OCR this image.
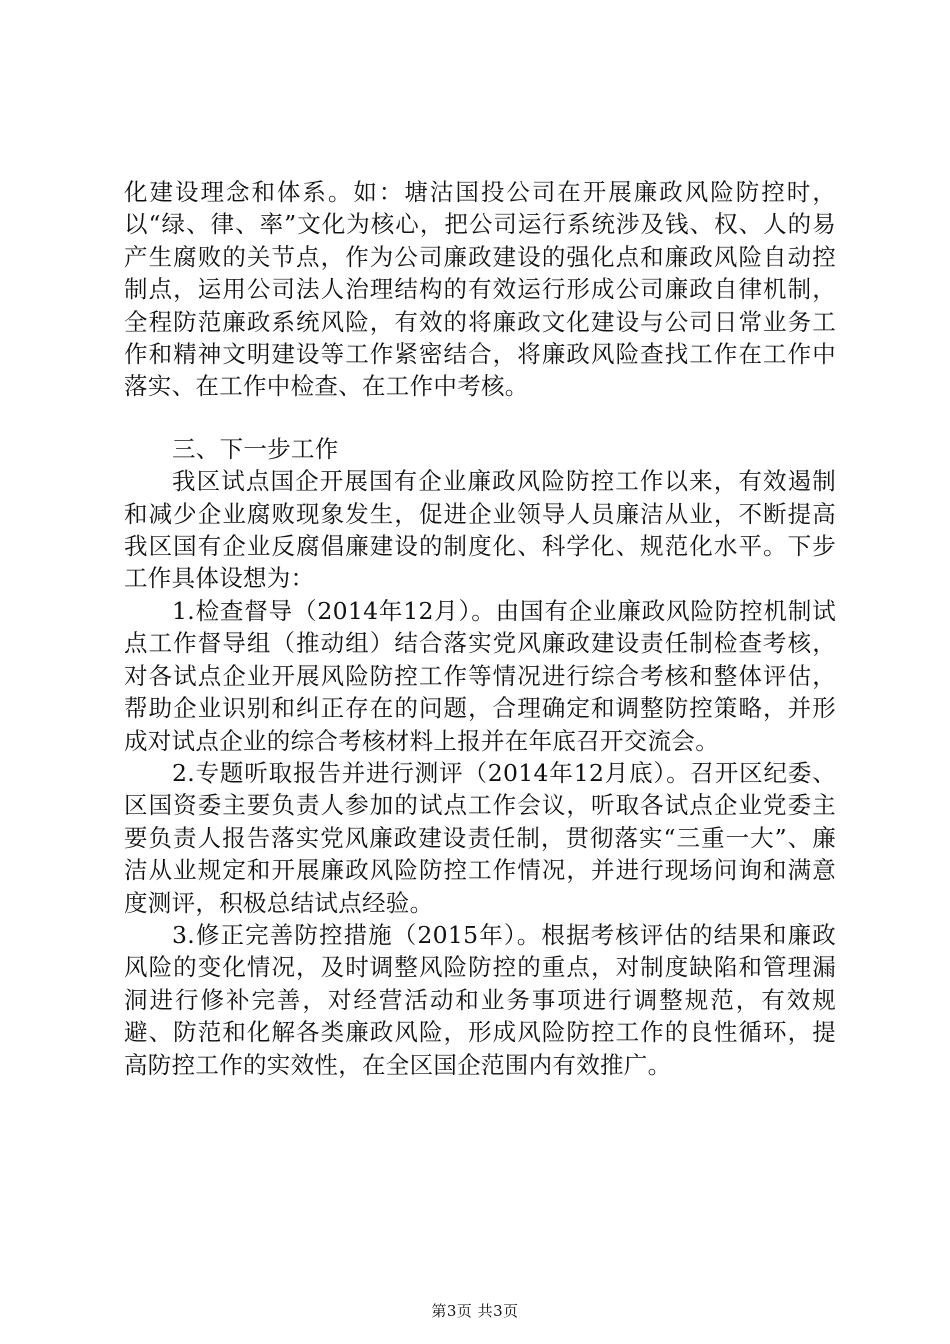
化建设理念和体系。如：塘沽国投公司在开展廉政风险防控时，以“绿、律、率”文化为核心，把公司运行系统涉及钱、权、人的易产生腐败的关节点，作为公司廉政建设的强化点和廉政风险自动控制点，运用公司法人治理结构的有效运行形成公司廉政自律机制，全程防范廉政系统风险，有效的将廉政文化建设与公司日常业务工作和精神文明建设等工作紧密结合，将廉政风险查找工作在工作中落实、在工作中检查、在工作中考核。

三、下一步工作

我区试点国企开展国有企业廉政风险防控工作以来，有效遏制和减少企业腐败现象发生，促进企业领导人员廉洁从业，不断提高我区国有企业反腐倡廉建设的制度化、科学化、规范化水平。下步工作具体设想为：

1.检查督导（2014年12月）。由国有企业廉政风险防控机制试点工作督导组（推动组）结合落实党风廉政建设责任制检查考核，对各试点企业开展风险防控工作等情况进行综合考核和整体评估，帮助企业识别和纠正存在的问题，合理确定和调整防控策略，并形成对试点企业的综合考核材料上报并在年底召开交流会。

2.专题听取报告并进行测评（2014年12月底）。召开区纪委、区国资委主要负责人参加的试点工作会议，听取各试点企业党委主要负责人报告落实党风廉政建设责任制，贯彻落实“三重一大”、廉洁从业规定和开展廉政风险防控工作情况，并进行现场问询和满意度测评，积极总结试点经验。

3.修正完善防控措施（2015年）。根据考核评估的结果和廉政风险的变化情况，及时调整风险防控的重点，对制度缺陷和管理漏洞进行修补完善，对经营活动和业务事项进行调整规范，有效规避、防范和化解各类廉政风险，形成风险防控工作的良性循环，提高防控工作的实效性，在全区国企范围内有效推广。

第3页 共3页
